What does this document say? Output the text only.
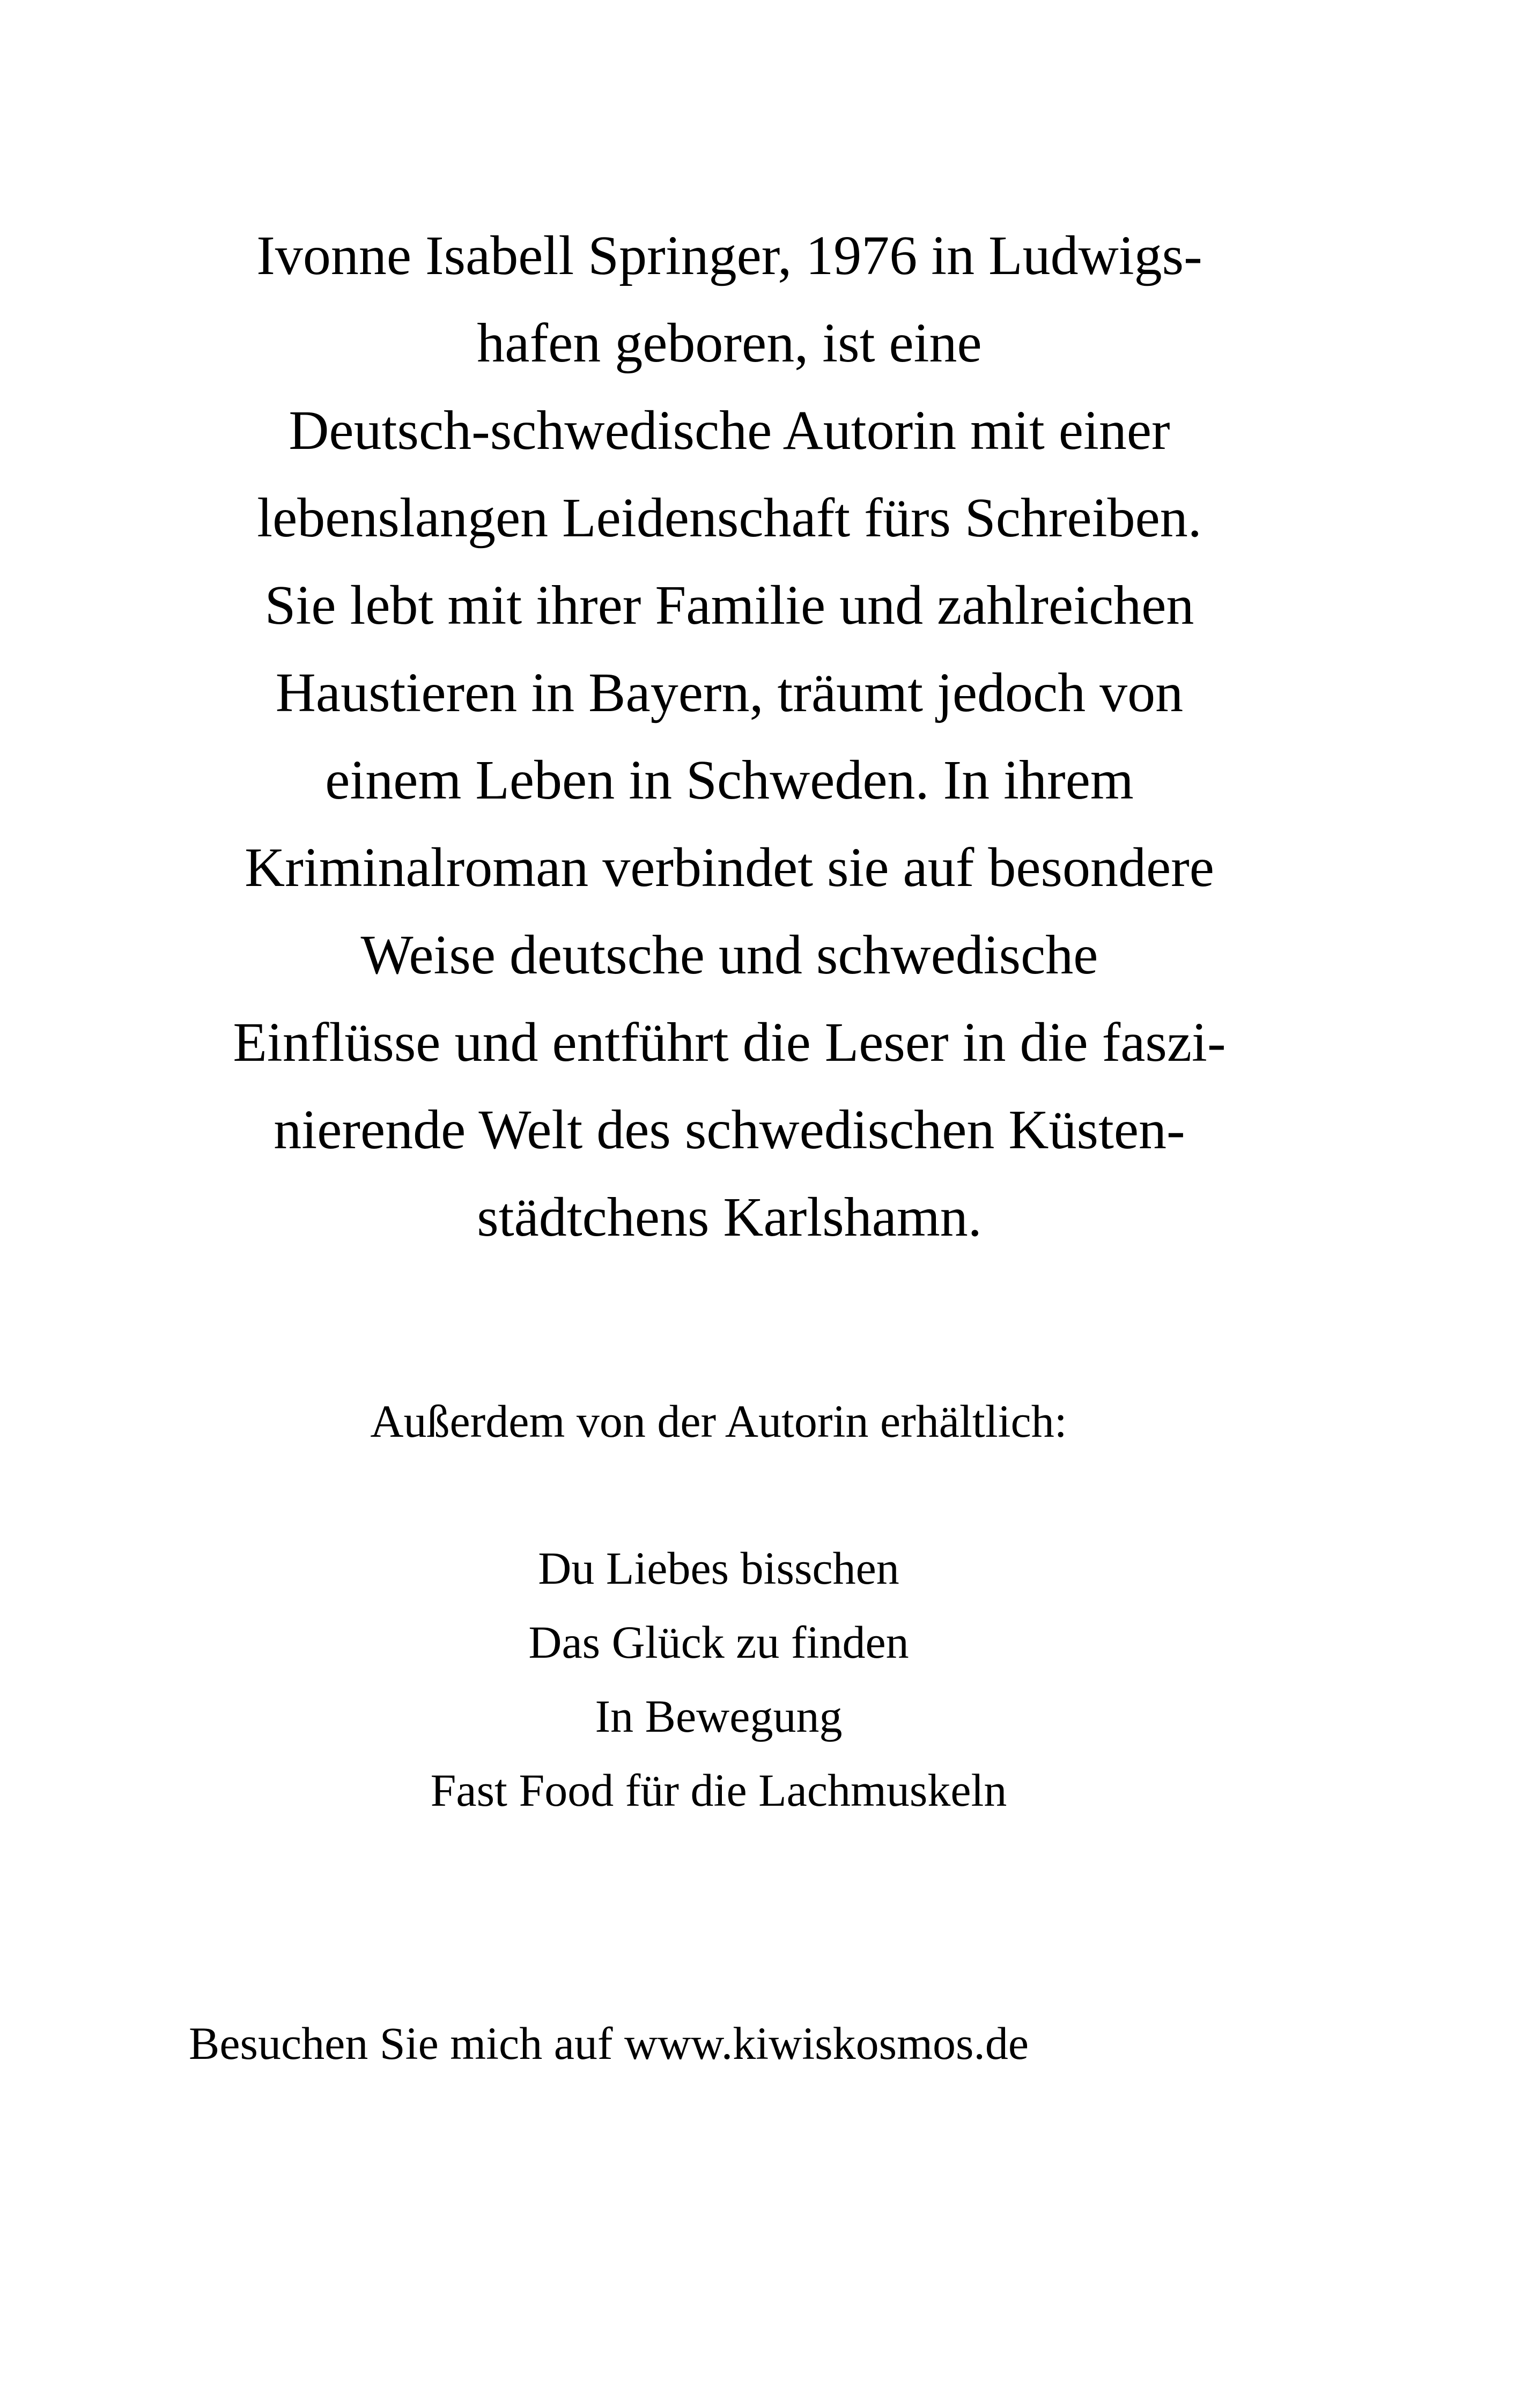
Ivonne Isabell Springer, 1976 in Ludwigs-
hafen geboren, ist eine
Deutsch-schwedische Autorin mit einer
lebenslangen Leidenschaft fürs Schreiben.
Sie lebt mit ihrer Familie und zahlreichen
Haustieren in Bayern, träumt jedoch von
einem Leben in Schweden. In ihrem
Kriminalroman verbindet sie auf besondere
Weise deutsche und schwedische
Einflüsse und entführt die Leser in die faszi-
nierende Welt des schwedischen Küsten-
städtchens Karlshamn.
Außerdem von der Autorin erhältlich:
Du Liebes bisschen
Das Glück zu finden
In Bewegung
Fast Food für die Lachmuskeln
Besuchen Sie mich auf www.kiwiskosmos.de
